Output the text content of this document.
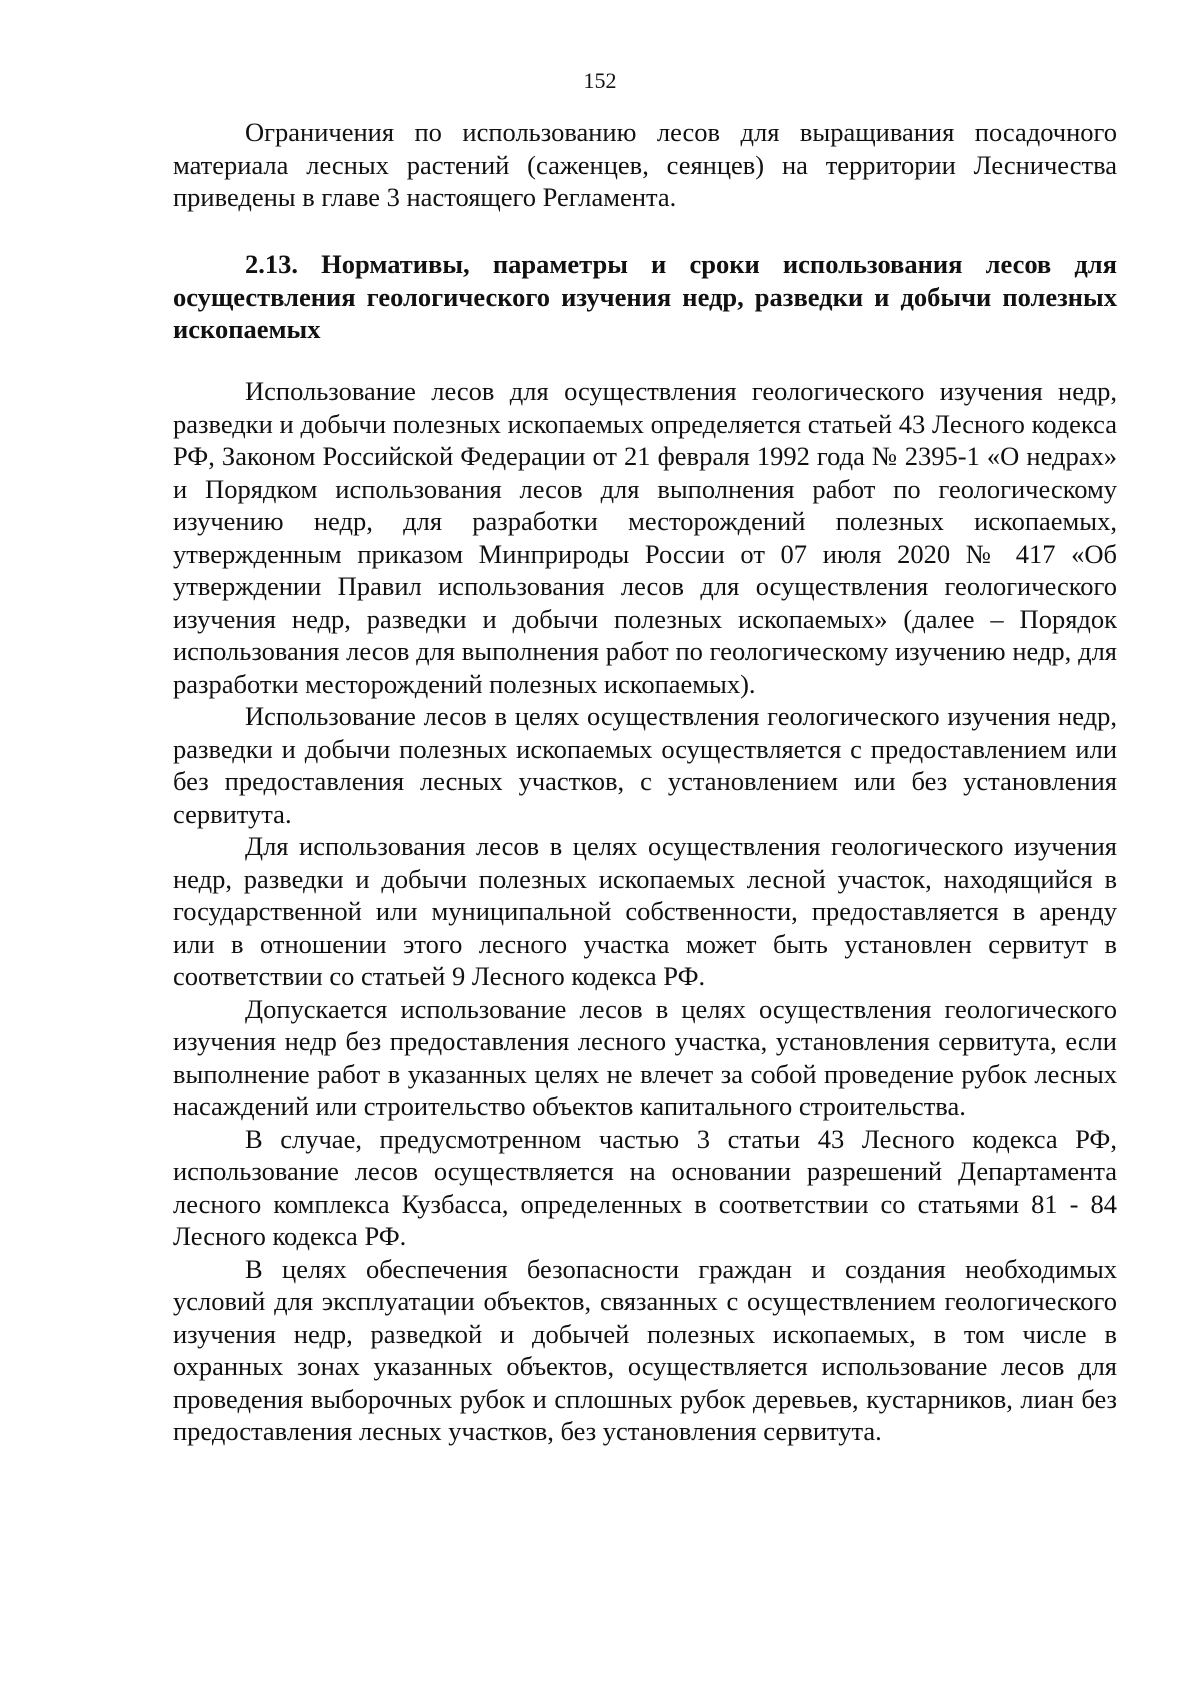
152

Ограничения по использованию лесов для выращивания посадочного материала лесных растений (саженцев, сеянцев) на территории Лесничества приведены в главе 3 настоящего Регламента.

2.13. Нормативы, параметры и сроки использования лесов для осуществления геологического изучения недр, разведки и добычи полезных ископаемых

Использование лесов для осуществления геологического изучения недр, разведки и добычи полезных ископаемых определяется статьей 43 Лесного кодекса РФ, Законом Российской Федерации от 21 февраля 1992 года № 2395-1 «О недрах» и Порядком использования лесов для выполнения работ по геологическому изучению недр, для разработки месторождений полезных ископаемых, утвержденным приказом Минприроды России от 07 июля 2020 № 417 «Об утверждении Правил использования лесов для осуществления геологического изучения недр, разведки и добычи полезных ископаемых» (далее – Порядок использования лесов для выполнения работ по геологическому изучению недр, для разработки месторождений полезных ископаемых).

Использование лесов в целях осуществления геологического изучения недр, разведки и добычи полезных ископаемых осуществляется с предоставлением или без предоставления лесных участков, с установлением или без установления сервитута.

Для использования лесов в целях осуществления геологического изучения недр, разведки и добычи полезных ископаемых лесной участок, находящийся в государственной или муниципальной собственности, предоставляется в аренду или в отношении этого лесного участка может быть установлен сервитут в соответствии со статьей 9 Лесного кодекса РФ.

Допускается использование лесов в целях осуществления геологического изучения недр без предоставления лесного участка, установления сервитута, если выполнение работ в указанных целях не влечет за собой проведение рубок лесных насаждений или строительство объектов капитального строительства.

В случае, предусмотренном частью 3 статьи 43 Лесного кодекса РФ, использование лесов осуществляется на основании разрешений Департамента лесного комплекса Кузбасса, определенных в соответствии со статьями 81 - 84 Лесного кодекса РФ.

В целях обеспечения безопасности граждан и создания необходимых условий для эксплуатации объектов, связанных с осуществлением геологического изучения недр, разведкой и добычей полезных ископаемых, в том числе в охранных зонах указанных объектов, осуществляется использование лесов для проведения выборочных рубок и сплошных рубок деревьев, кустарников, лиан без предоставления лесных участков, без установления сервитута.
